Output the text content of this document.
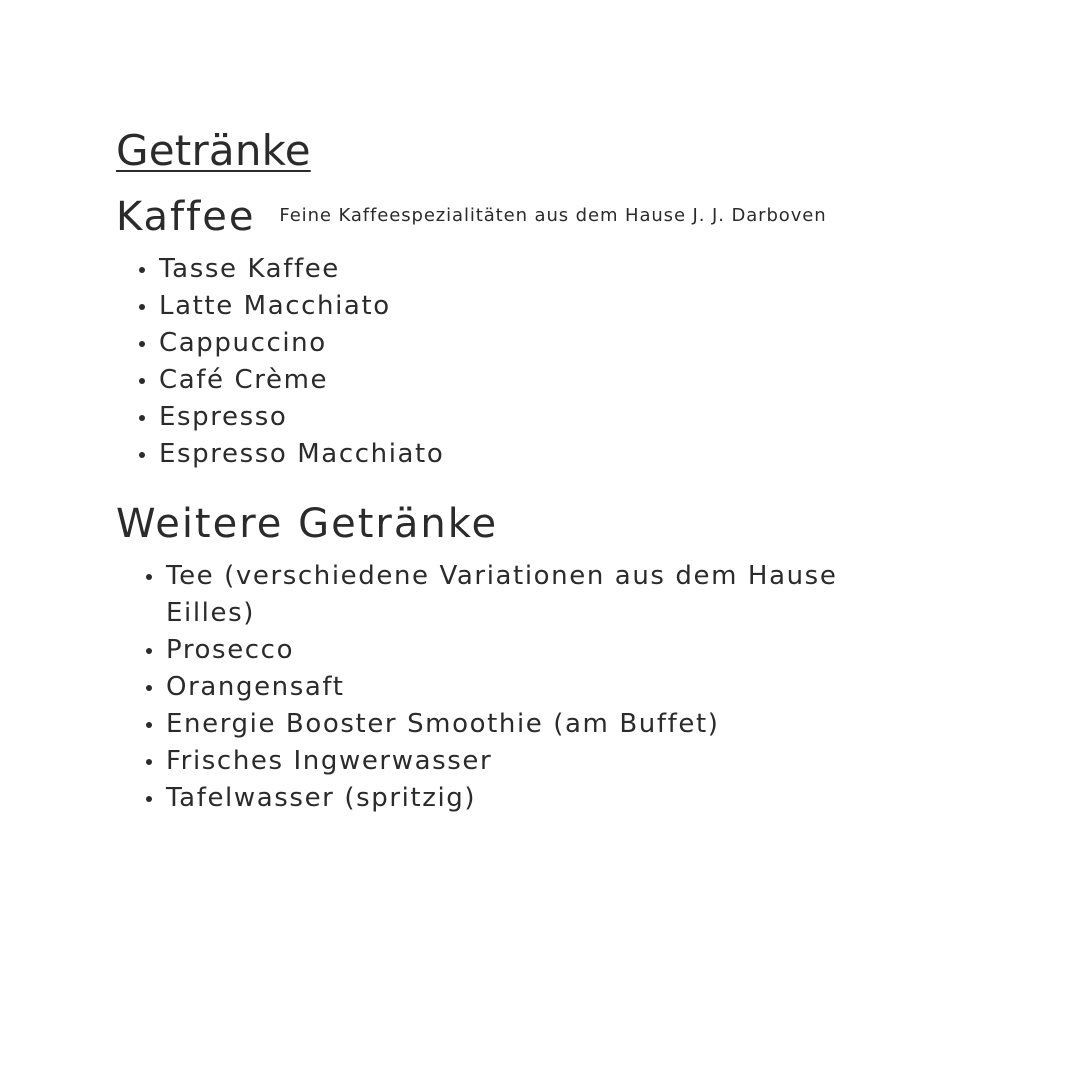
Getränke
Kaffee Feine Kaffeespezialitäten aus dem Hause J. J. Darboven
Tasse Kaffee
Latte Macchiato
Cappuccino
Café Crème
Espresso
Espresso Macchiato
Weitere Getränke
Tee (verschiedene Variationen aus dem Hause Eilles)
Prosecco
Orangensaft
Energie Booster Smoothie (am Buffet)
Frisches Ingwerwasser
Tafelwasser (spritzig)
